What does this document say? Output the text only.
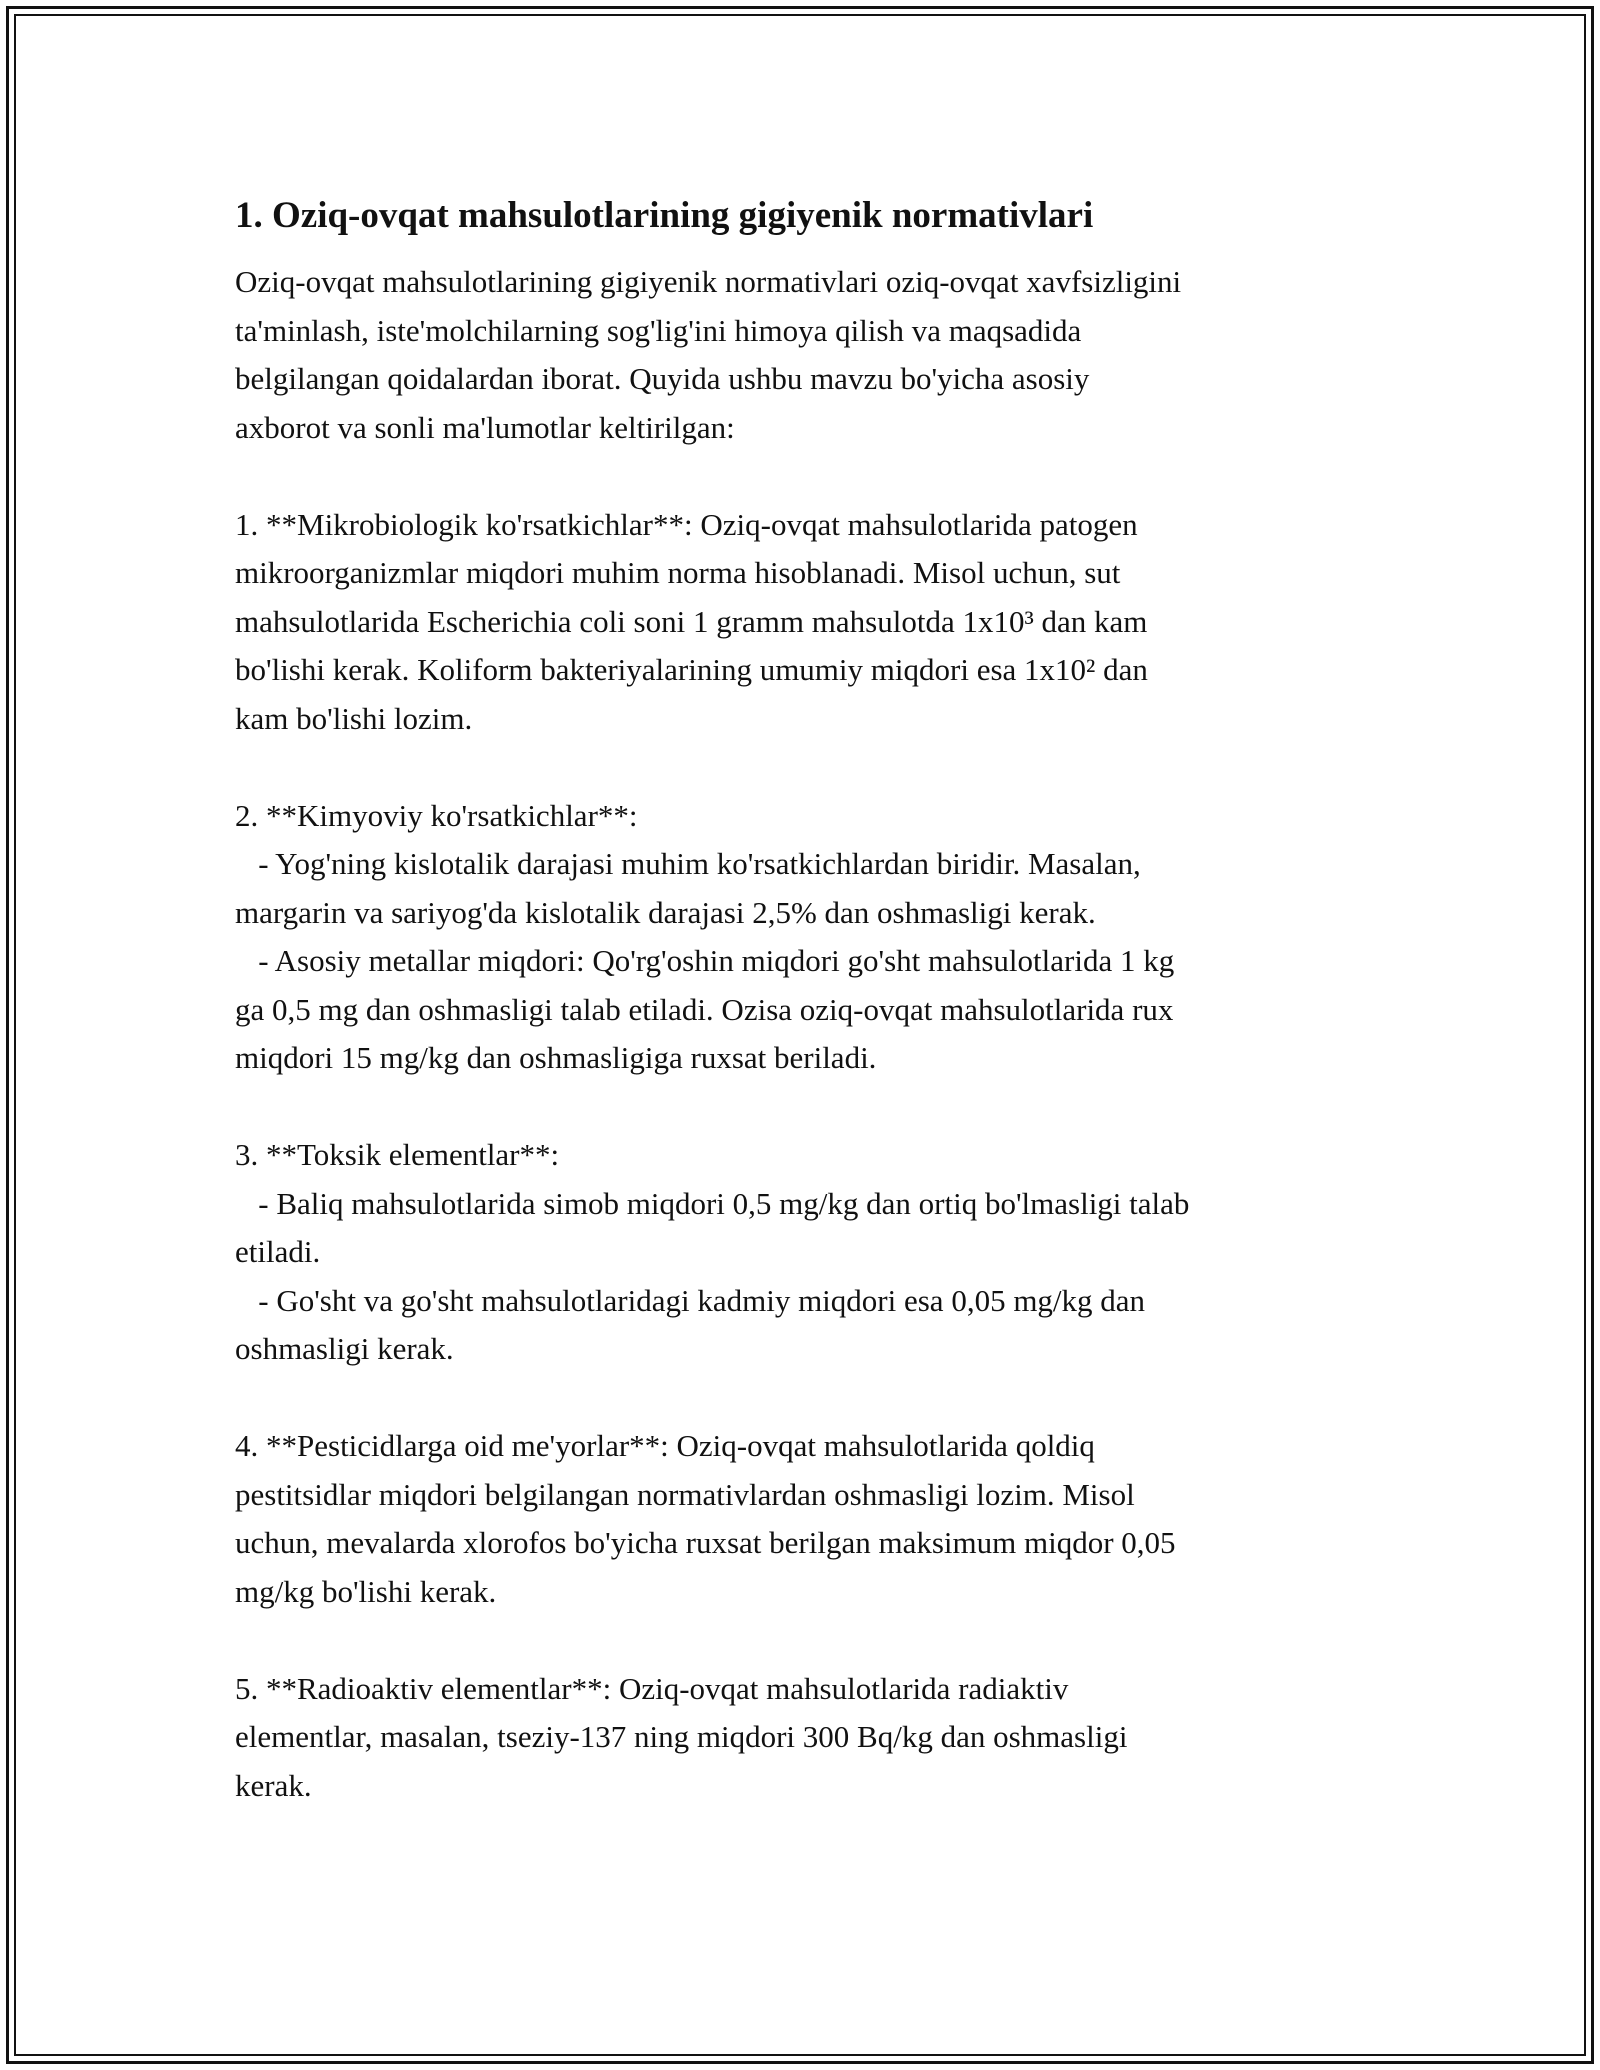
1. Oziq-ovqat mahsulotlarining gigiyenik normativlari

Oziq-ovqat mahsulotlarining gigiyenik normativlari oziq-ovqat xavfsizligini
ta'minlash, iste'molchilarning sog'lig'ini himoya qilish va maqsadida
belgilangan qoidalardan iborat. Quyida ushbu mavzu bo'yicha asosiy
axborot va sonli ma'lumotlar keltirilgan:

1. **Mikrobiologik ko'rsatkichlar**: Oziq-ovqat mahsulotlarida patogen
mikroorganizmlar miqdori muhim norma hisoblanadi. Misol uchun, sut
mahsulotlarida Escherichia coli soni 1 gramm mahsulotda 1x10³ dan kam
bo'lishi kerak. Koliform bakteriyalarining umumiy miqdori esa 1x10² dan
kam bo'lishi lozim.

2. **Kimyoviy ko'rsatkichlar**:
- Yog'ning kislotalik darajasi muhim ko'rsatkichlardan biridir. Masalan,
margarin va sariyog'da kislotalik darajasi 2,5% dan oshmasligi kerak.
- Asosiy metallar miqdori: Qo'rg'oshin miqdori go'sht mahsulotlarida 1 kg
ga 0,5 mg dan oshmasligi talab etiladi. Ozisa oziq-ovqat mahsulotlarida rux
miqdori 15 mg/kg dan oshmasligiga ruxsat beriladi.

3. **Toksik elementlar**:
- Baliq mahsulotlarida simob miqdori 0,5 mg/kg dan ortiq bo'lmasligi talab
etiladi.
- Go'sht va go'sht mahsulotlaridagi kadmiy miqdori esa 0,05 mg/kg dan
oshmasligi kerak.

4. **Pesticidlarga oid me'yorlar**: Oziq-ovqat mahsulotlarida qoldiq
pestitsidlar miqdori belgilangan normativlardan oshmasligi lozim. Misol
uchun, mevalarda xlorofos bo'yicha ruxsat berilgan maksimum miqdor 0,05
mg/kg bo'lishi kerak.

5. **Radioaktiv elementlar**: Oziq-ovqat mahsulotlarida radiaktiv
elementlar, masalan, tseziy-137 ning miqdori 300 Bq/kg dan oshmasligi
kerak.
